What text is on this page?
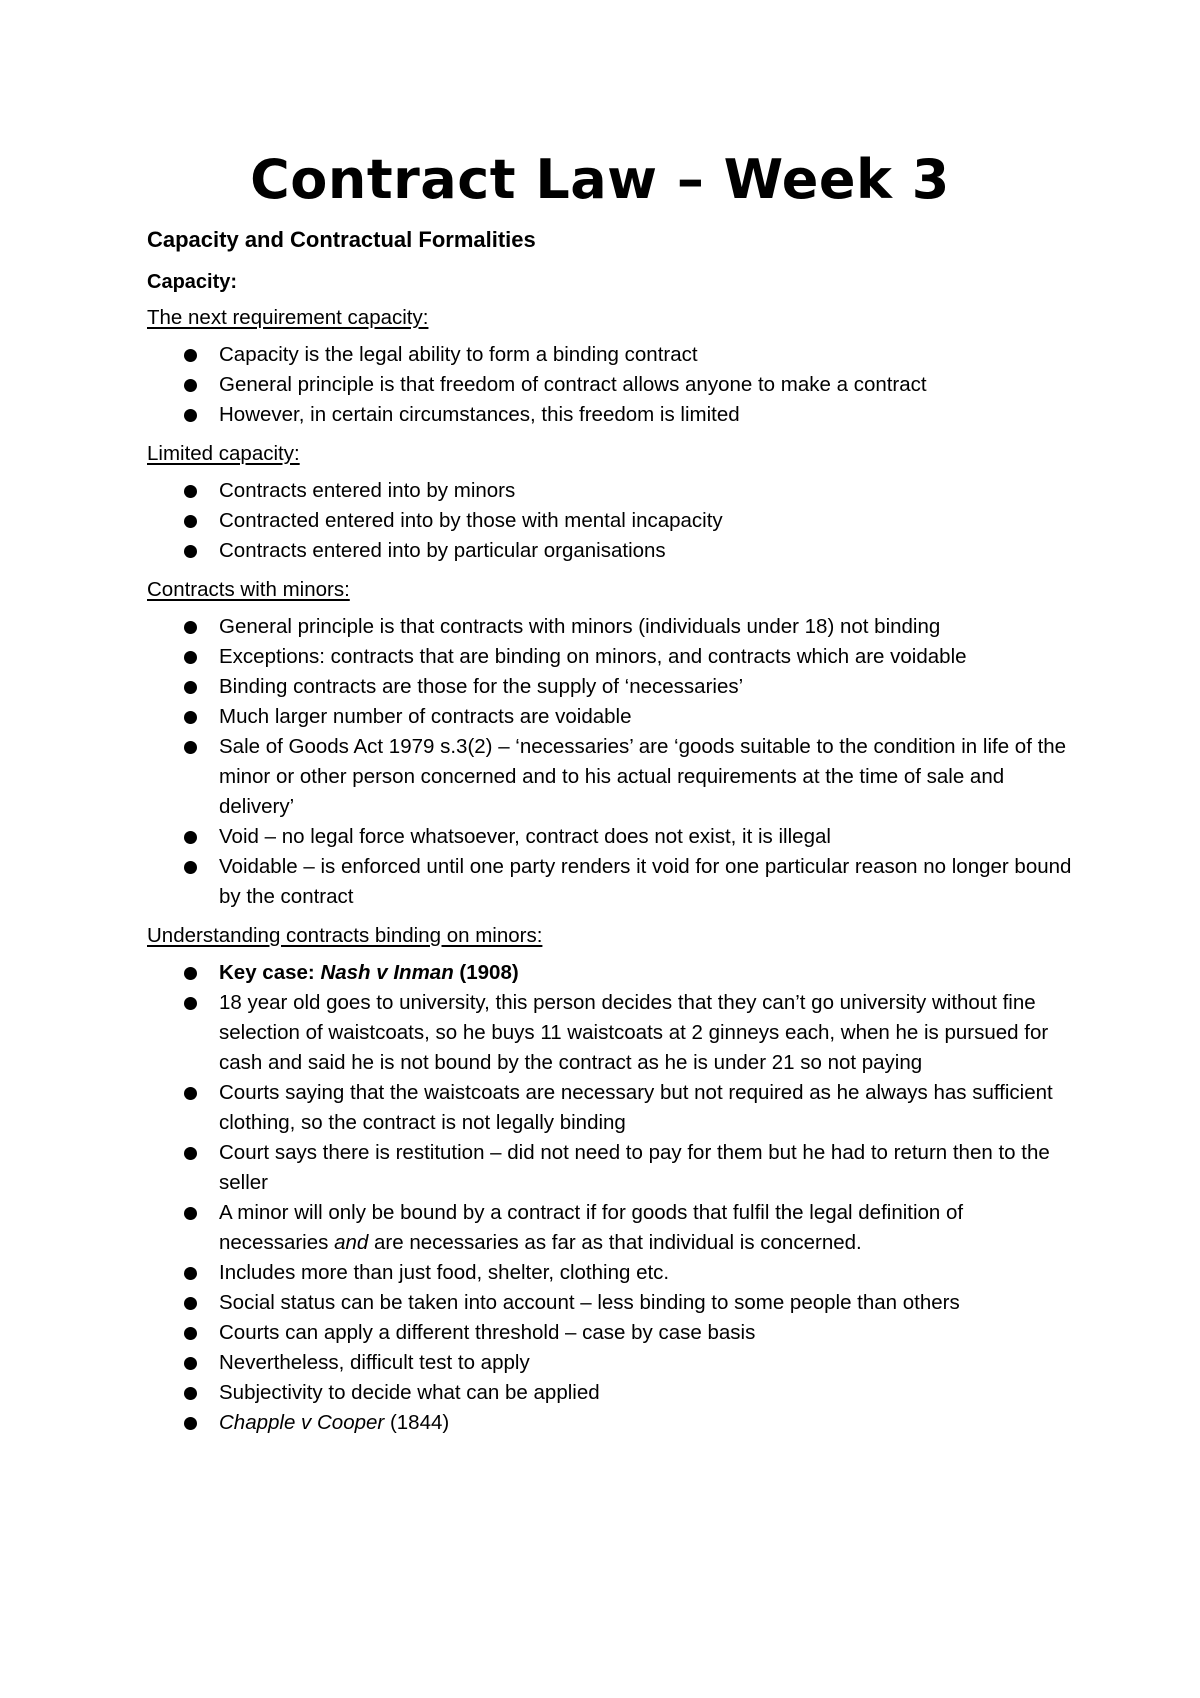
Contract Law – Week 3

Capacity and Contractual Formalities

Capacity:

The next requirement capacity:

Capacity is the legal ability to form a binding contract
General principle is that freedom of contract allows anyone to make a contract
However, in certain circumstances, this freedom is limited

Limited capacity:

Contracts entered into by minors
Contracted entered into by those with mental incapacity
Contracts entered into by particular organisations

Contracts with minors:

General principle is that contracts with minors (individuals under 18) not binding
Exceptions: contracts that are binding on minors, and contracts which are voidable
Binding contracts are those for the supply of ‘necessaries’
Much larger number of contracts are voidable
Sale of Goods Act 1979 s.3(2) – ‘necessaries’ are ‘goods suitable to the condition in life of the minor or other person concerned and to his actual requirements at the time of sale and delivery’
Void – no legal force whatsoever, contract does not exist, it is illegal
Voidable – is enforced until one party renders it void for one particular reason no longer bound by the contract

Understanding contracts binding on minors:

Key case: Nash v Inman (1908)
18 year old goes to university, this person decides that they can’t go university without fine selection of waistcoats, so he buys 11 waistcoats at 2 ginneys each, when he is pursued for cash and said he is not bound by the contract as he is under 21 so not paying
Courts saying that the waistcoats are necessary but not required as he always has sufficient clothing, so the contract is not legally binding
Court says there is restitution – did not need to pay for them but he had to return then to the seller
A minor will only be bound by a contract if for goods that fulfil the legal definition of necessaries and are necessaries as far as that individual is concerned.
Includes more than just food, shelter, clothing etc.
Social status can be taken into account – less binding to some people than others
Courts can apply a different threshold – case by case basis
Nevertheless, difficult test to apply
Subjectivity to decide what can be applied
Chapple v Cooper (1844)
